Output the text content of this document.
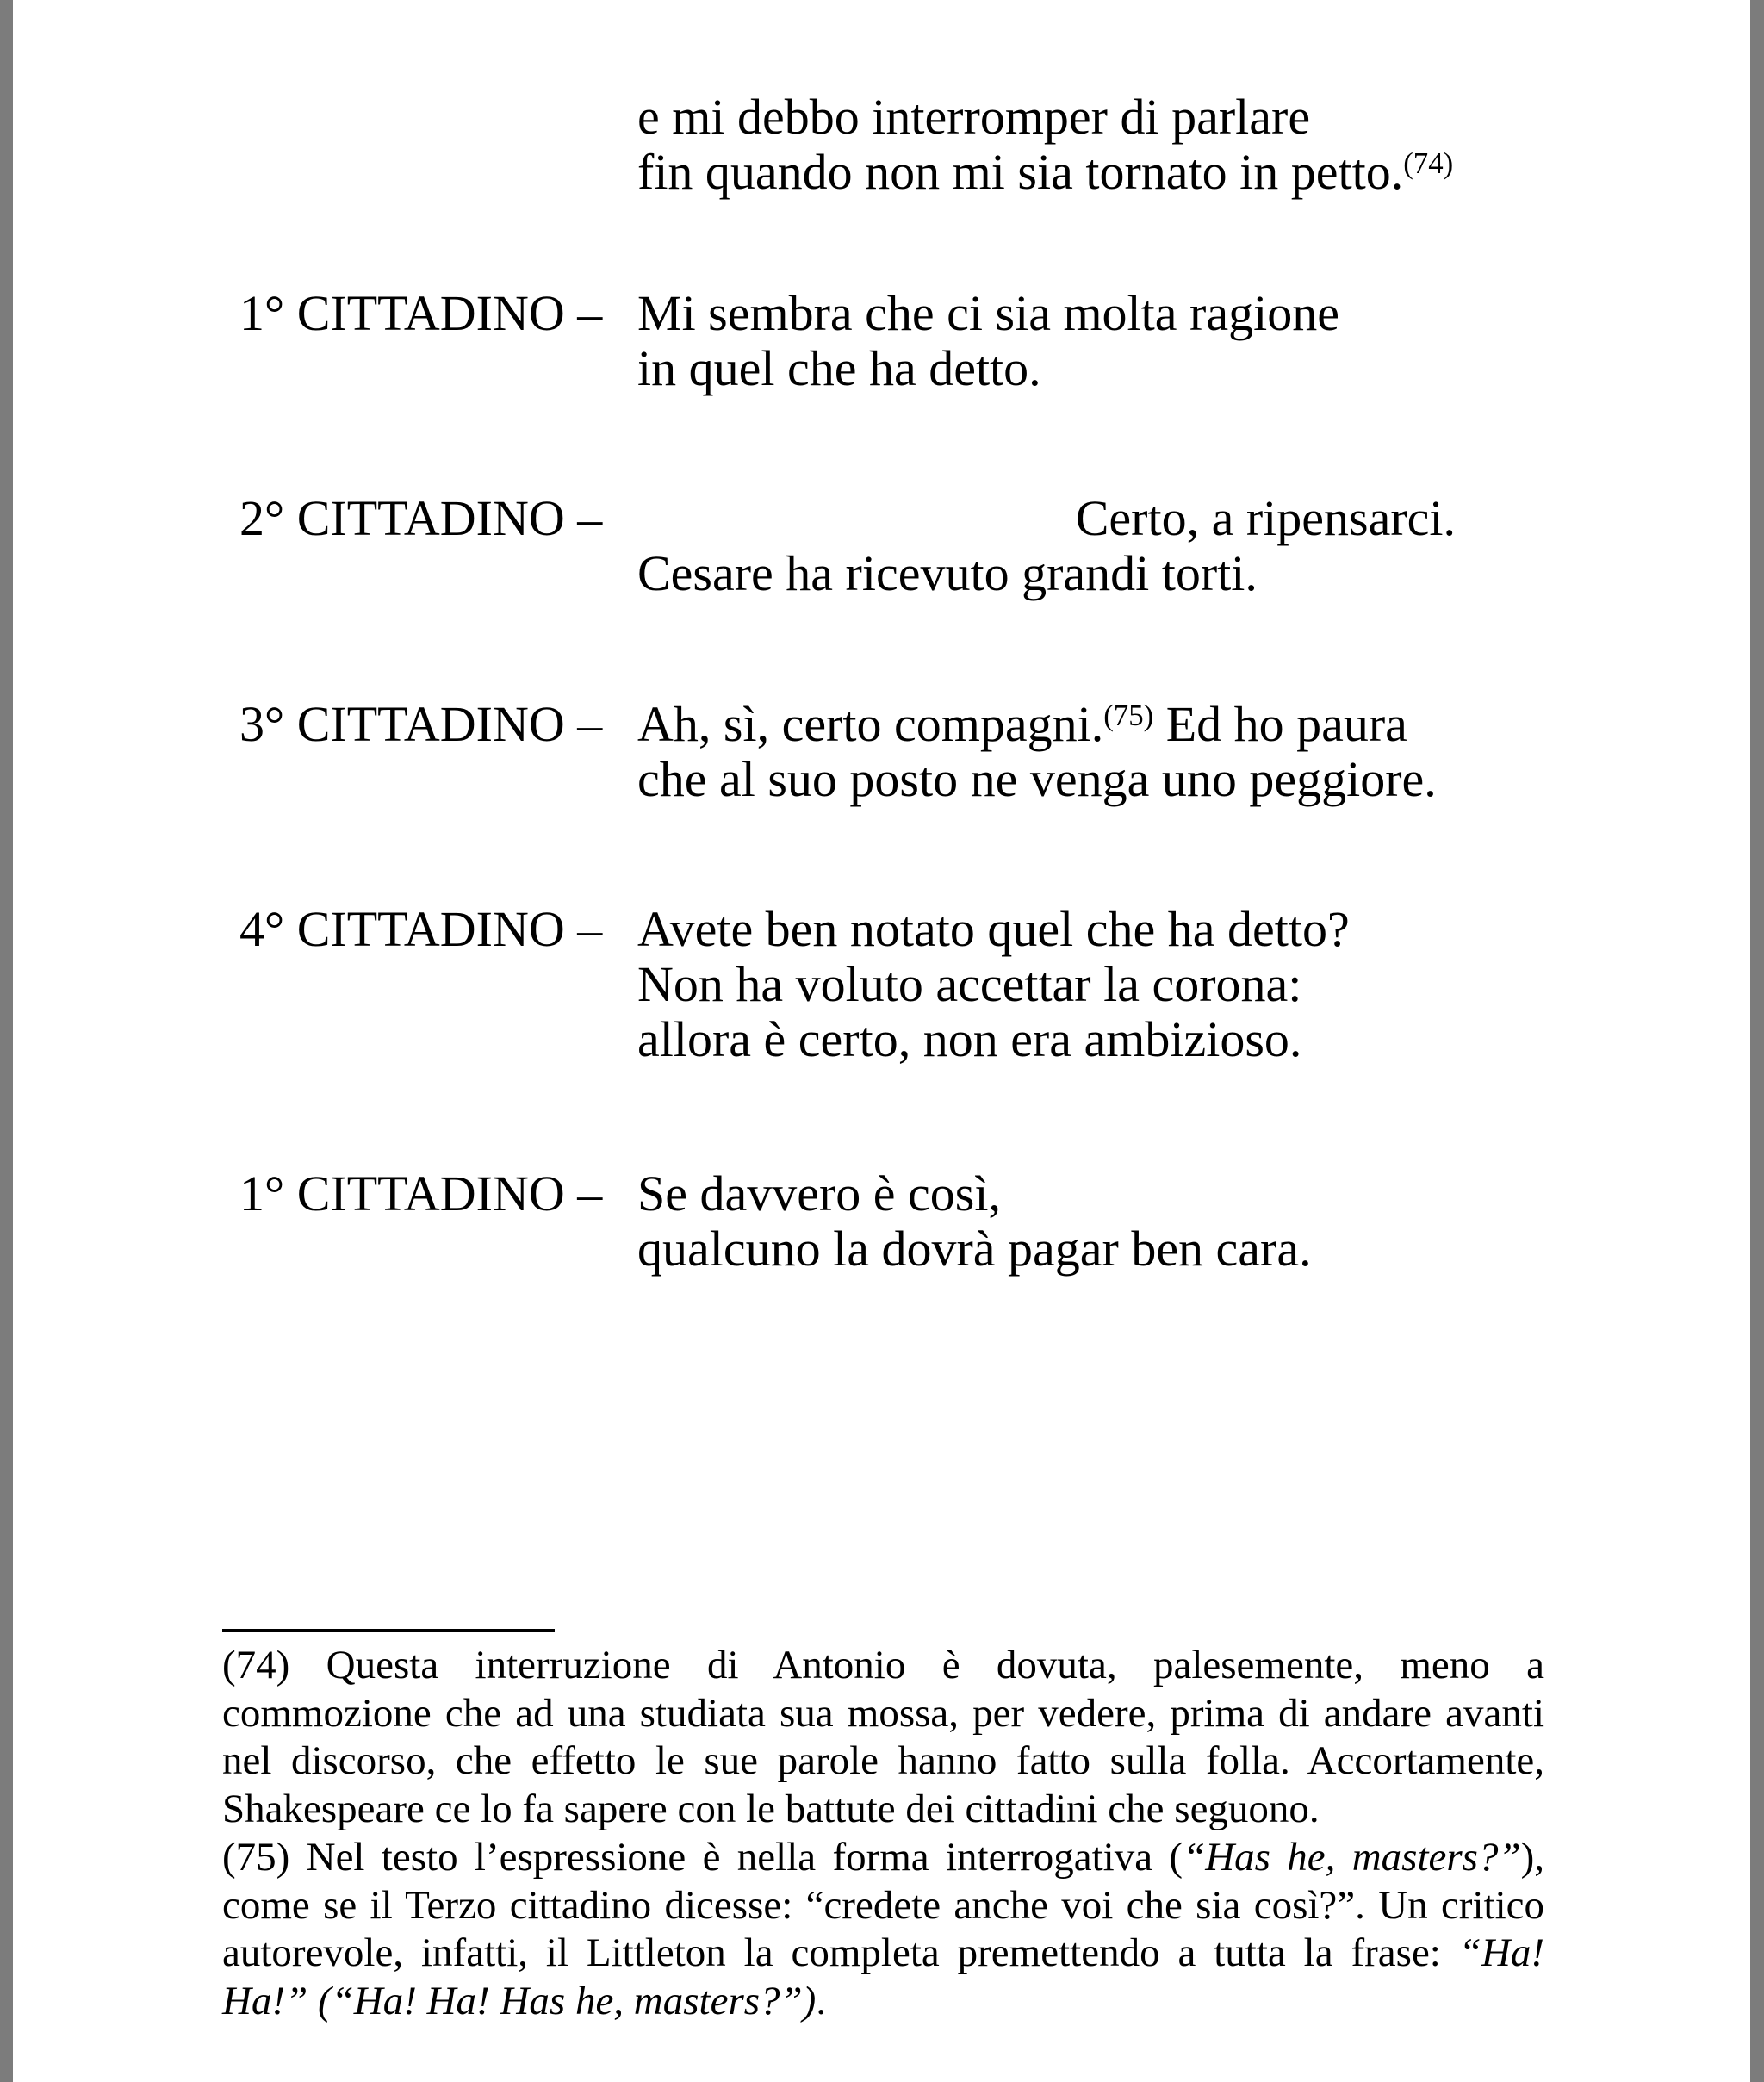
e mi debbo interromper di parlare
fin quando non mi sia tornato in petto.$^{(74)}$
1° CITTADINO – Mi sembra che ci sia molta ragione
in quel che ha detto.
2° CITTADINO –	Certo, a ripensarci.
Cesare ha ricevuto grandi torti.
3° CITTADINO – Ah, sì, certo compagni.$^{(75)}$ Ed ho paura
che al suo posto ne venga uno peggiore.
4° CITTADINO – Avete ben notato quel che ha detto?
Non ha voluto accettar la corona:
allora è certo, non era ambizioso.
1° CITTADINO – Se davvero è così,
qualcuno la dovrà pagar ben cara.
(74) Questa interruzione di Antonio è dovuta, palesemente, meno a
commozione che ad una studiata sua mossa, per vedere, prima di andare avanti
nel discorso, che effetto le sue parole hanno fatto sulla folla. Accortamente,
Shakespeare ce lo fa sapere con le battute dei cittadini che seguono.
(75) Nel testo l’espressione è nella forma interrogativa (“Has he, masters?”),
come se il Terzo cittadino dicesse: “credete anche voi che sia così?”. Un critico
autorevole, infatti, il Littleton la completa premettendo a tutta la frase: “Ha!
Ha!” (“Ha! Ha! Has he, masters?”).
